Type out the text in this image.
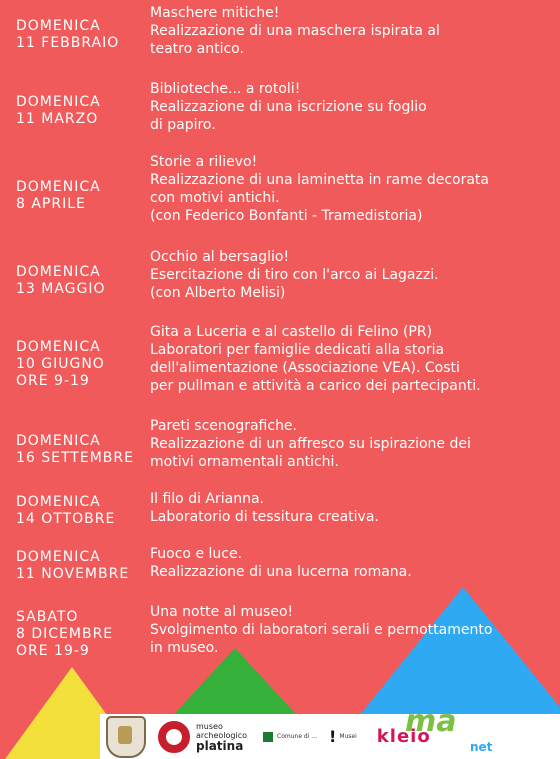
DOMENICA
11 FEBBRAIO
Maschere mitiche!
Realizzazione di una maschera ispirata al
teatro antico.
DOMENICA
11 MARZO
Biblioteche... a rotoli!
Realizzazione di una iscrizione su foglio
di papiro.
DOMENICA
8 APRILE
Storie a rilievo!
Realizzazione di una laminetta in rame decorata
con motivi antichi.
(con Federico Bonfanti - Tramedistoria)
DOMENICA
13 MAGGIO
Occhio al bersaglio!
Esercitazione di tiro con l'arco ai Lagazzi.
(con Alberto Melisi)
DOMENICA
10 GIUGNO
ORE 9-19
Gita a Luceria e al castello di Felino (PR)
Laboratori per famiglie dedicati alla storia
dell'alimentazione (Associazione VEA). Costi
per pullman e attività a carico dei partecipanti.
DOMENICA
16 SETTEMBRE
Pareti scenografiche.
Realizzazione di un affresco su ispirazione dei
motivi ornamentali antichi.
DOMENICA
14 OTTOBRE
Il filo di Arianna.
Laboratorio di tessitura creativa.
DOMENICA
11 NOVEMBRE
Fuoco e luce.
Realizzazione di una lucerna romana.
SABATO
8 DICEMBRE
ORE 19-9
Una notte al museo!
Svolgimento di laboratori serali e pernottamento
in museo.
museo
archeologico
platina
Comune di ... ! Musei kleio
ma
net
